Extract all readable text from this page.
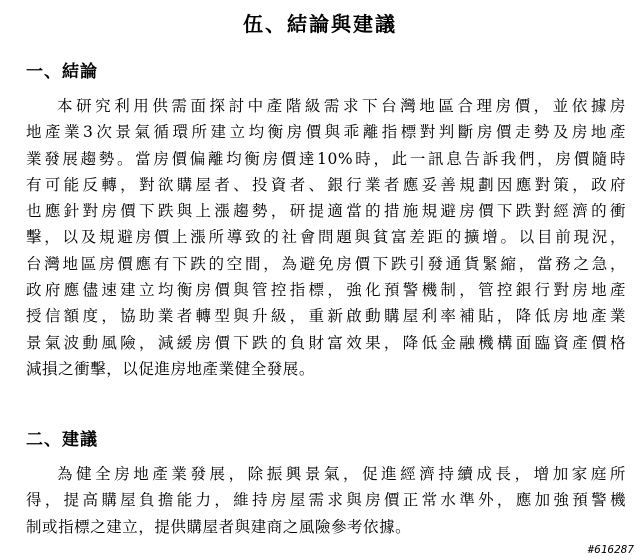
伍、結論與建議
一、結論

本研究利用供需面探討中產階級需求下台灣地區合理房價，並依據房
地產業3次景氣循環所建立均衡房價與乖離指標對判斷房價走勢及房地產
業發展趨勢。當房價偏離均衡房價達10%時，此一訊息告訴我們，房價隨時
有可能反轉，對欲購屋者、投資者、銀行業者應妥善規劃因應對策，政府
也應針對房價下跌與上漲趨勢，研提適當的措施規避房價下跌對經濟的衝
擊，以及規避房價上漲所導致的社會問題與貧富差距的擴增。以目前現況，
台灣地區房價應有下跌的空間，為避免房價下跌引發通貨緊縮，當務之急，
政府應儘速建立均衡房價與管控指標，強化預警機制，管控銀行對房地產
授信額度，協助業者轉型與升級，重新啟動購屋利率補貼，降低房地產業
景氣波動風險，減緩房價下跌的負財富效果，降低金融機構面臨資產價格
減損之衝擊，以促進房地產業健全發展。

二、建議

為健全房地產業發展，除振興景氣，促進經濟持續成長，增加家庭所
得，提高購屋負擔能力，維持房屋需求與房價正常水準外，應加強預警機
制或指標之建立，提供購屋者與建商之風險參考依據。

#616287
